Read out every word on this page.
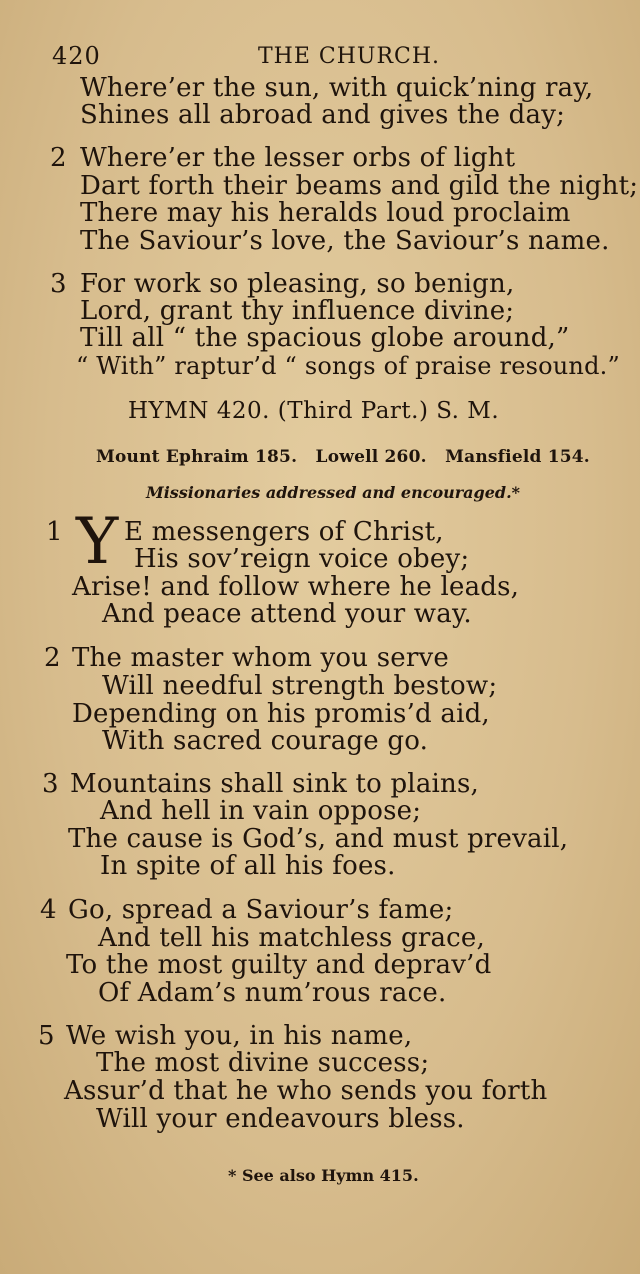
420	THE CHURCH.
Where’er the sun, with quick’ning ray,
Shines all abroad and gives the day;
2 Where’er the lesser orbs of light
Dart forth their beams and gild the night;
There may his heralds loud proclaim
The Saviour’s love, the Saviour’s name.
3 For work so pleasing, so benign,
Lord, grant thy influence divine;
Till all “ the spacious globe around,”
“ With” raptur’d “ songs of praise resound.”
HYMN 420. (Third Part.) S. M.
Mount Ephraim 185.   Lowell 260.   Mansfield 154.
Missionaries addressed and encouraged.*
1 Y E messengers of Christ,
His sov’reign voice obey;
Arise! and follow where he leads,
And peace attend your way.
2 The master whom you serve
Will needful strength bestow;
Depending on his promis’d aid,
With sacred courage go.
3 Mountains shall sink to plains,
And hell in vain oppose;
The cause is God’s, and must prevail,
In spite of all his foes.
4 Go, spread a Saviour’s fame;
And tell his matchless grace,
To the most guilty and deprav’d
Of Adam’s num’rous race.
5 We wish you, in his name,
The most divine success;
Assur’d that he who sends you forth
Will your endeavours bless.
* See also Hymn 415.
